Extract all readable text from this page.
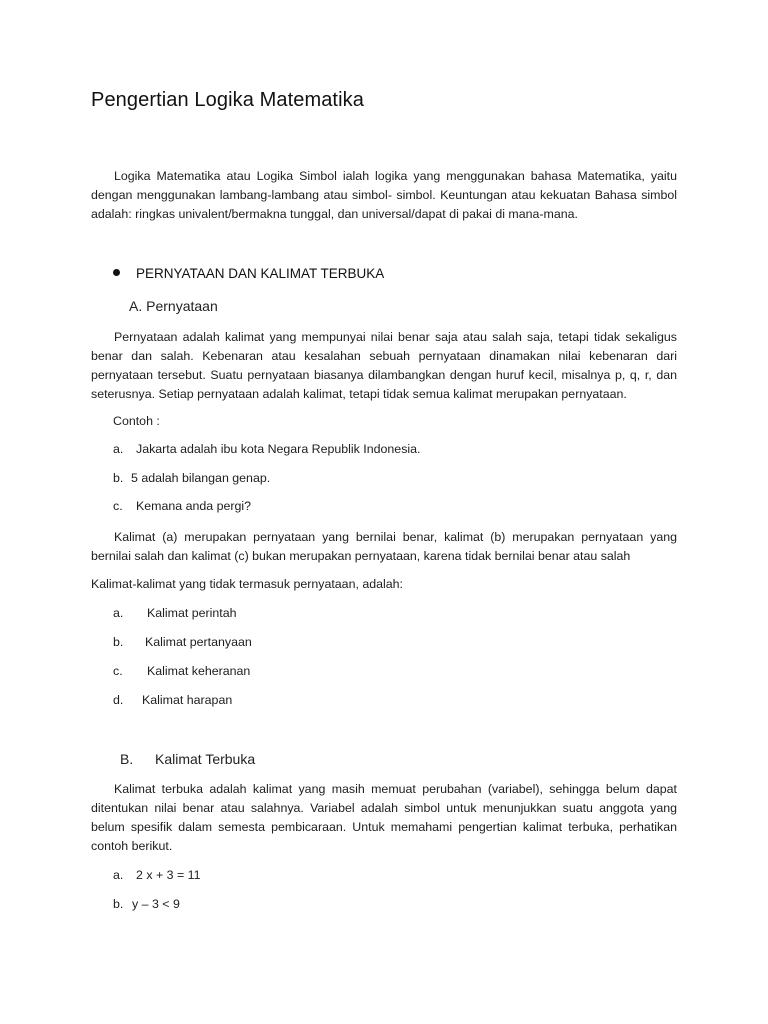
Pengertian Logika Matematika
Logika Matematika atau Logika Simbol ialah logika yang menggunakan bahasa Matematika, yaitu
dengan menggunakan lambang-lambang atau simbol- simbol. Keuntungan atau kekuatan Bahasa simbol
adalah: ringkas univalent/bermakna tunggal, dan universal/dapat di pakai di mana-mana.
PERNYATAAN DAN KALIMAT TERBUKA
A. Pernyataan
Pernyataan adalah kalimat yang mempunyai nilai benar saja atau salah saja, tetapi tidak sekaligus
benar dan salah. Kebenaran atau kesalahan sebuah pernyataan dinamakan nilai kebenaran dari
pernyataan tersebut. Suatu pernyataan biasanya dilambangkan dengan huruf kecil, misalnya p, q, r, dan
seterusnya. Setiap pernyataan adalah kalimat, tetapi tidak semua kalimat merupakan pernyataan.
Contoh :
a. Jakarta adalah ibu kota Negara Republik Indonesia.
b. 5 adalah bilangan genap.
c. Kemana anda pergi?
Kalimat (a) merupakan pernyataan yang bernilai benar, kalimat (b) merupakan pernyataan yang
bernilai salah dan kalimat (c) bukan merupakan pernyataan, karena tidak bernilai benar atau salah
Kalimat-kalimat yang tidak termasuk pernyataan, adalah:
a. Kalimat perintah
b. Kalimat pertanyaan
c. Kalimat keheranan
d. Kalimat harapan
B. Kalimat Terbuka
Kalimat terbuka adalah kalimat yang masih memuat perubahan (variabel), sehingga belum dapat
ditentukan nilai benar atau salahnya. Variabel adalah simbol untuk menunjukkan suatu anggota yang
belum spesifik dalam semesta pembicaraan. Untuk memahami pengertian kalimat terbuka, perhatikan
contoh berikut.
a. 2 x + 3 = 11
b. y – 3 < 9
